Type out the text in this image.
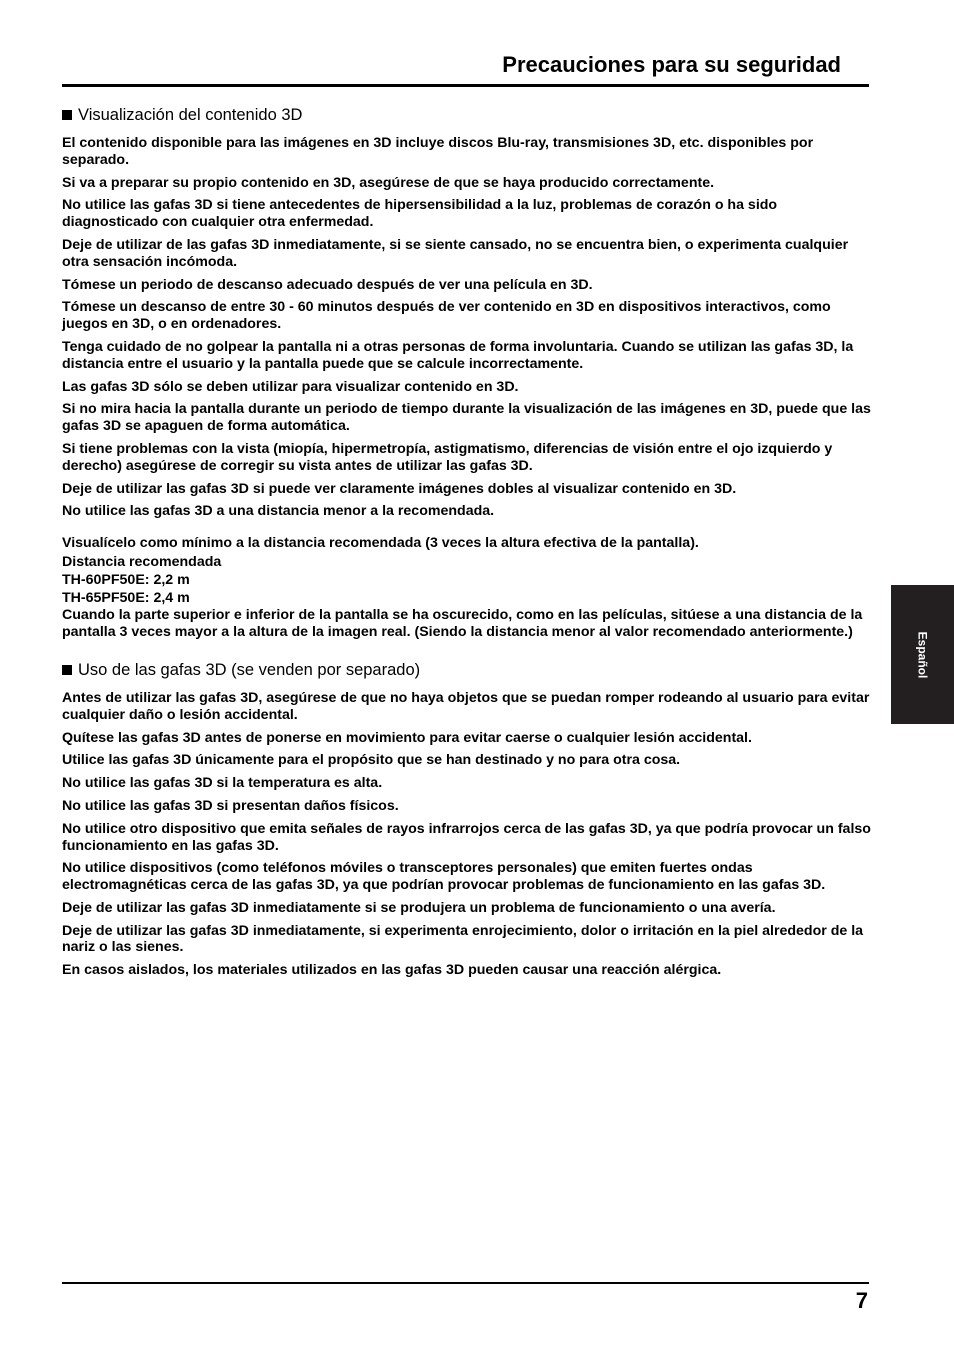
Precauciones para su seguridad
Visualización del contenido 3D

El contenido disponible para las imágenes en 3D incluye discos Blu-ray, transmisiones 3D, etc. disponibles por separado.

Si va a preparar su propio contenido en 3D, asegúrese de que se haya producido correctamente.

No utilice las gafas 3D si tiene antecedentes de hipersensibilidad a la luz, problemas de corazón o ha sido diagnosticado con cualquier otra enfermedad.

Deje de utilizar de las gafas 3D inmediatamente, si se siente cansado, no se encuentra bien, o experimenta cualquier otra sensación incómoda.

Tómese un periodo de descanso adecuado después de ver una película en 3D.

Tómese un descanso de entre 30 - 60 minutos después de ver contenido en 3D en dispositivos interactivos, como juegos en 3D, o en ordenadores.

Tenga cuidado de no golpear la pantalla ni a otras personas de forma involuntaria. Cuando se utilizan las gafas 3D, la distancia entre el usuario y la pantalla puede que se calcule incorrectamente.

Las gafas 3D sólo se deben utilizar para visualizar contenido en 3D.

Si no mira hacia la pantalla durante un periodo de tiempo durante la visualización de las imágenes en 3D, puede que las gafas 3D se apaguen de forma automática.

Si tiene problemas con la vista (miopía, hipermetropía, astigmatismo, diferencias de visión entre el ojo izquierdo y derecho) asegúrese de corregir su vista antes de utilizar las gafas 3D.

Deje de utilizar las gafas 3D si puede ver claramente imágenes dobles al visualizar contenido en 3D.

No utilice las gafas 3D a una distancia menor a la recomendada.

Visualícelo como mínimo a la distancia recomendada (3 veces la altura efectiva de la pantalla).

Distancia recomendada

TH-60PF50E: 2,2 m

TH-65PF50E: 2,4 m

Cuando la parte superior e inferior de la pantalla se ha oscurecido, como en las películas, sitúese a una distancia de la pantalla 3 veces mayor a la altura de la imagen real. (Siendo la distancia menor al valor recomendado anteriormente.)

Uso de las gafas 3D (se venden por separado)

Antes de utilizar las gafas 3D, asegúrese de que no haya objetos que se puedan romper rodeando al usuario para evitar cualquier daño o lesión accidental.

Quítese las gafas 3D antes de ponerse en movimiento para evitar caerse o cualquier lesión accidental.

Utilice las gafas 3D únicamente para el propósito que se han destinado y no para otra cosa.

No utilice las gafas 3D si la temperatura es alta.

No utilice las gafas 3D si presentan daños físicos.

No utilice otro dispositivo que emita señales de rayos infrarrojos cerca de las gafas 3D, ya que podría provocar un falso funcionamiento en las gafas 3D.

No utilice dispositivos (como teléfonos móviles o transceptores personales) que emiten fuertes ondas electromagnéticas cerca de las gafas 3D, ya que podrían provocar problemas de funcionamiento en las gafas 3D.

Deje de utilizar las gafas 3D inmediatamente si se produjera un problema de funcionamiento o una avería.

Deje de utilizar las gafas 3D inmediatamente, si experimenta enrojecimiento, dolor o irritación en la piel alrededor de la nariz o las sienes.

En casos aislados, los materiales utilizados en las gafas 3D pueden causar una reacción alérgica.

Español
7
